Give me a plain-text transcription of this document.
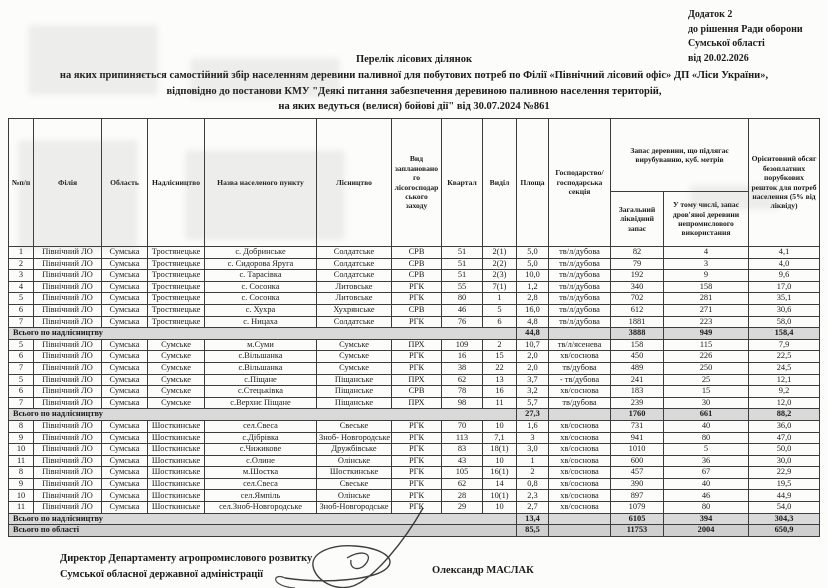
Додаток 2
до рішення Ради оборони
Сумської області
від 20.02.2026
Перелік лісових ділянок
на яких припиняється самостійний збір населенням деревини паливної для побутових потреб по Філії «Північний лісовий офіс» ДП «Ліси України»,
відповідно до постанови КМУ "Деякі питання забезпечення деревиною паливною населення територій,
на яких ведуться (велися) бойові дії" від 30.07.2024 №861
№п/п	Філія	Область	Надлісництво	Назва населеного пункту	Лісництво	Вид запланованого лісогосподарського заходу	Квартал	Виділ	Площа	Господарство/ господарська секція	Запас деревини, що підлягає вирубуванню, куб. метрів		Орієнтовний обсяг безоплатних порубкових решток для потреб населення (5% від ліквіду)
											Загальний ліквідний запас	У тому числі, запас дров'яної деревини непромислового використання	
1	Північний ЛО	Сумська	Тростянецьке	с. Добринське	Солдатське	СРВ	51	2(1)	5,0	тв/л/дубова	82	4	4,1
2	Північний ЛО	Сумська	Тростянецьке	с. Сидорова Яруга	Солдатське	СРВ	51	2(2)	5,0	тв/л/дубова	79	3	4,0
3	Північний ЛО	Сумська	Тростянецьке	с. Тарасівка	Солдатське	СРВ	51	2(3)	10,0	тв/л/дубова	192	9	9,6
4	Північний ЛО	Сумська	Тростянецьке	с. Сосонка	Литовське	РГК	55	7(1)	1,2	тв/л/дубова	340	158	17,0
5	Північний ЛО	Сумська	Тростянецьке	с. Сосонка	Литовське	РГК	80	1	2,8	тв/л/дубова	702	281	35,1
6	Північний ЛО	Сумська	Тростянецьке	с. Хухра	Хухрянське	СРВ	46	5	16,0	тв/л/дубова	612	271	30,6
7	Північний ЛО	Сумська	Тростянецьке	с. Ницаха	Солдатське	РГК	76	6	4,8	тв/л/дубова	1881	223	58,0
Всього по надлісництву									44,8		3888	949	158,4
5	Північний ЛО	Сумська	Сумське	м.Суми	Сумське	ПРХ	109	2	10,7	тв/л/ясенева	158	115	7,9
6	Північний ЛО	Сумська	Сумське	с.Вільшанка	Сумське	РГК	16	15	2,0	хв/соснова	450	226	22,5
7	Північний ЛО	Сумська	Сумське	с.Вільшанка	Сумське	РГК	38	22	2,0	тв/дубова	489	250	24,5
5	Північний ЛО	Сумська	Сумське	с.Піщане	Піщанське	ПРХ	62	13	3,7	- тв/дубова	241	25	12,1
6	Північний ЛО	Сумська	Сумське	с.Стецьківка	Піщанське	СРВ	78	16	3,2	хв/соснова	183	15	9,2
7	Північний ЛО	Сумська	Сумське	с.Верхнє Піщане	Піщанське	ПРХ	98	11	5,7	тв/дубова	239	30	12,0
Всього по надлісництву									27,3		1760	661	88,2
8	Північний ЛО	Сумська	Шосткинське	сел.Свеса	Свеське	РГК	70	10	1,6	хв/соснова	731	40	36,0
9	Північний ЛО	Сумська	Шосткинське	с.Дібрівка	Зноб- Новгородське	РГК	113	7,1	3	хв/соснова	941	80	47,0
10	Північний ЛО	Сумська	Шосткинське	с.Чижикове	Дружбівське	РГК	83	18(1)	3,0	хв/соснова	1010	5	50,0
11	Північний ЛО	Сумська	Шосткинське	с.Олине	Олінське	РГК	43	10	1	хв/соснова	600	36	30,0
8	Північний ЛО	Сумська	Шосткинське	м.Шостка	Шосткинське	РГК	105	16(1)	2	хв/соснова	457	67	22,9
9	Північний ЛО	Сумська	Шосткинське	сел.Свеса	Свеське	РГК	62	14	0,8	хв/соснова	390	40	19,5
10	Північний ЛО	Сумська	Шосткинське	сел.Ямпіль	Олінське	РГК	28	10(1)	2,3	хв/соснова	897	46	44,9
11	Північний ЛО	Сумська	Шосткинське	сел.Зноб-Новгородське	Зноб-Новгородське	РГК	29	10	2,7	хв/соснова	1079	80	54,0
Всього по надлісництву									13,4		6105	394	304,3
Всього по області									85,5		11753	2004	650,9
Директор Департаменту агропромислового розвитку
Сумської обласної державної адміністрації	Олександр МАСЛАК
